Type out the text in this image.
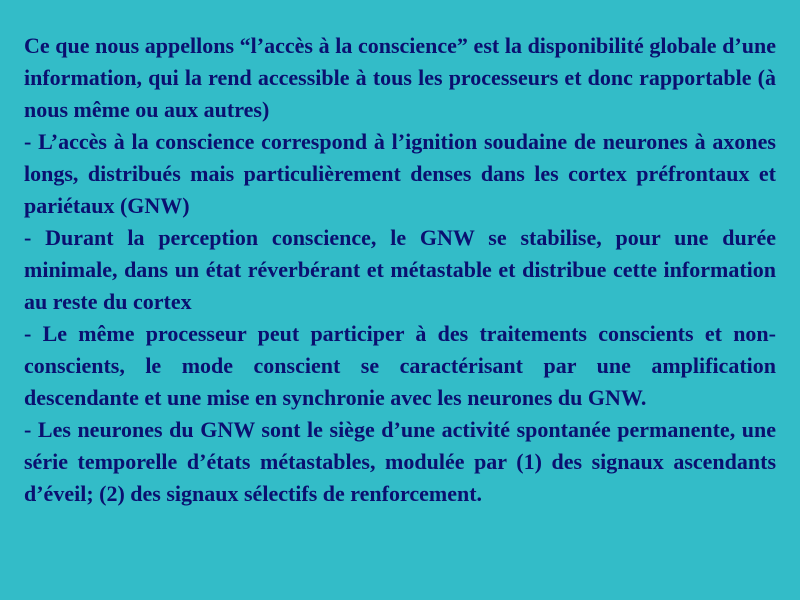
Ce que nous appellons “l’accès à la conscience” est la disponibilité globale d’une information, qui la rend accessible à tous les processeurs et donc rapportable (à nous même ou aux autres)

- L’accès à la conscience correspond à l’ignition soudaine de neurones à axones longs, distribués mais particulièrement denses dans les cortex préfrontaux et pariétaux (GNW)

- Durant la perception conscience, le GNW se stabilise, pour une durée minimale, dans un état réverbérant et métastable et distribue cette information au reste du cortex

- Le même processeur peut participer à des traitements conscients et non-conscients, le mode conscient se caractérisant par une amplification descendante et une mise en synchronie avec les neurones du GNW.

- Les neurones du GNW sont le siège d’une activité spontanée permanente, une série temporelle d’états métastables, modulée par (1) des signaux ascendants d’éveil; (2) des signaux sélectifs de renforcement.
